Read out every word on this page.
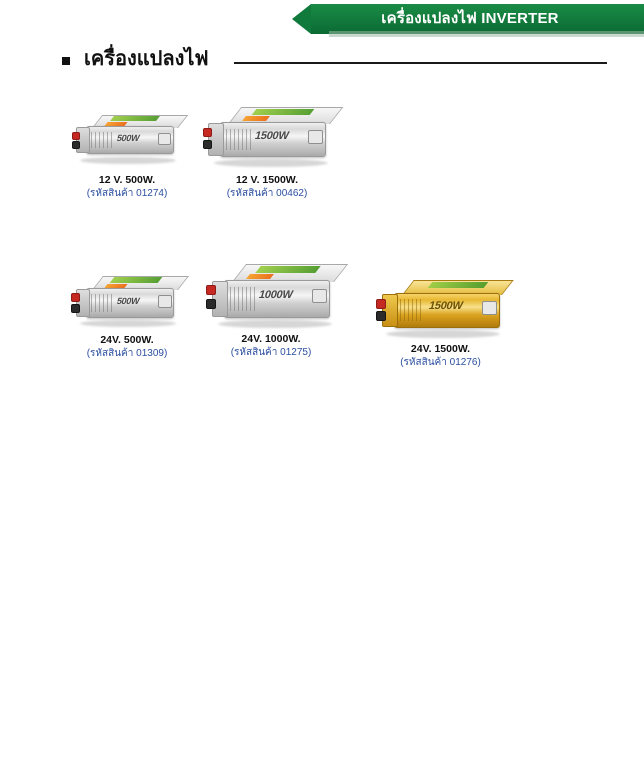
เครื่องแปลงไฟ INVERTER
เครื่องแปลงไฟ
500W
12 V. 500W.
(รหัสสินค้า 01274)
1500W
12 V. 1500W.
(รหัสสินค้า 00462)
500W
24V. 500W.
(รหัสสินค้า 01309)
1000W
24V. 1000W.
(รหัสสินค้า 01275)
1500W
24V. 1500W.
(รหัสสินค้า 01276)
